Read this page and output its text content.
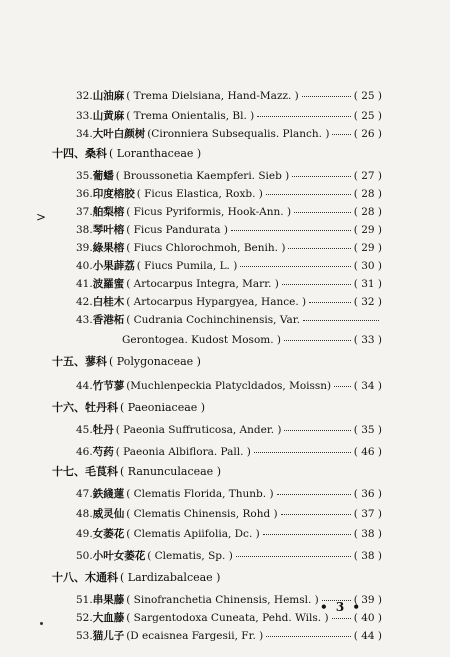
>
32.山油麻 ( Trema Dielsiana, Hand-Mazz. )	( 25 )
33.山黄麻 ( Trema Onientalis, Bl. )	( 25 )
34.大叶白颜树 (Cironniera Subsequalis. Planch. ) ( 26 )
十四、桑科 ( Loranthaceae )
35.葡蟠 ( Broussonetia Kaempferi. Sieb )	( 27 )
36.印度榕胶 ( Ficus Elastica, Roxb. )	( 28 )
37.舶梨榕 ( Ficus Pyriformis, Hook-Ann. )	( 28 )
38.琴叶榕 ( Ficus Pandurata )	( 29 )
39.綠果榕 ( Fiucs Chlorochmoh, Benih. )	( 29 )
40.小果薜荔 ( Fiucs Pumila, L. )	( 30 )
41.波羅蜜 ( Artocarpus Integra, Marr. )	( 31 )
42.白桂木 ( Artocarpus Hypargyea, Hance. )	( 32 )
43.香港柘 ( Cudrania Cochinchinensis, Var.
Gerontogea. Kudost Mosom. )	( 33 )
十五、蓼科 ( Polygonaceae )
44.竹节蓼 (Muchlenpeckia Platycldados, Moissn) ( 34 )
十六、牡丹科 ( Paeoniaceae )
45.牡丹 ( Paeonia Suffruticosa, Ander. )	( 35 )
46.芍药 ( Paeonia Albiflora. Pall. )	( 46 )
十七、毛茛科 ( Ranunculaceae )
47.鉄綫蓮 ( Clematis Florida, Thunb. )	( 36 )
48.威灵仙 ( Clematis Chinensis, Rohd )	( 37 )
49.女萎花 ( Clematis Apiifolia, Dc. )	( 38 )
50.小叶女萎花 ( Clematis, Sp. )	( 38 )
十八、木通科 ( Lardizabalceae )
51.串果藤 ( Sinofranchetia Chinensis, Hemsl. )	( 39 )
52.大血藤 ( Sargentodoxa Cuneata, Pehd. Wils. ) ( 40 )
53.猫儿子 (D ecaisnea Fargesii, Fr. )	( 44 )
• 3 •
